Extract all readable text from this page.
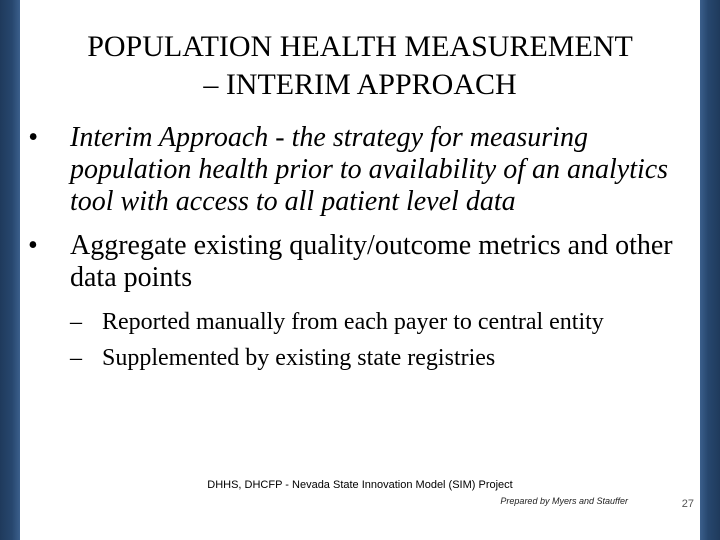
POPULATION HEALTH MEASUREMENT
– INTERIM APPROACH
•	Interim Approach - the strategy for measuring population health prior to availability of an analytics tool with access to all patient level data
•	Aggregate existing quality/outcome metrics and other data points
– Reported manually from each payer to central entity
– Supplemented by existing state registries
DHHS, DHCFP - Nevada State Innovation Model (SIM) Project
Prepared by Myers and Stauffer	27
